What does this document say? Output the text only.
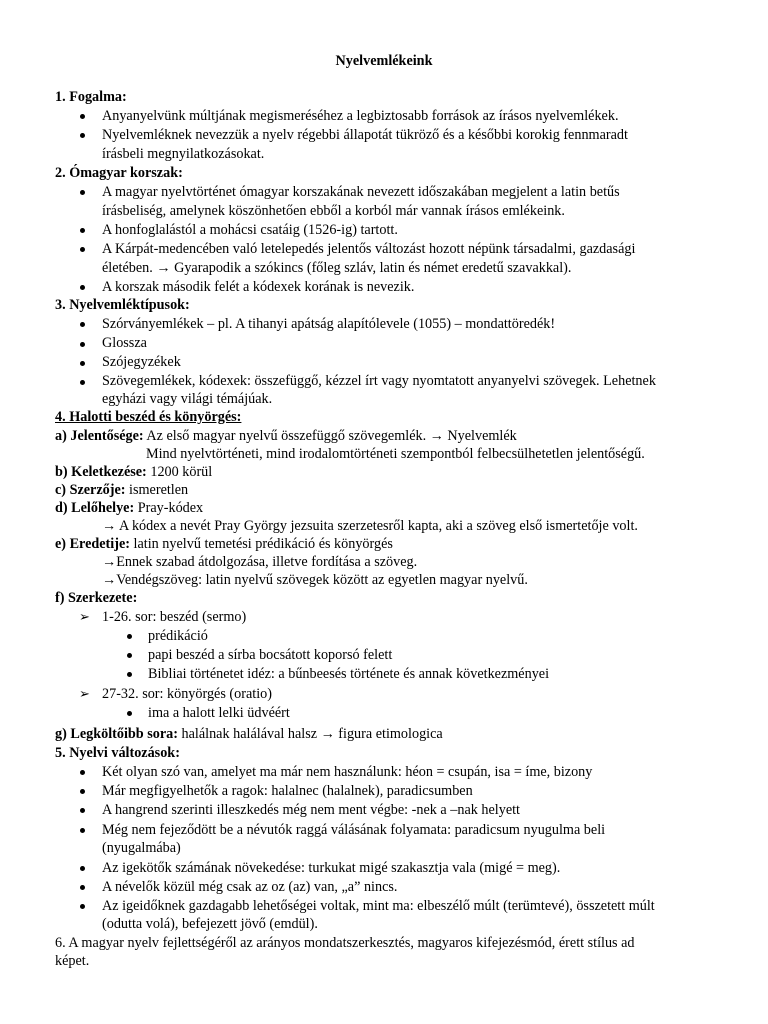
Nyelvemlékeink
1. Fogalma:
Anyanyelvünk múltjának megismeréséhez a legbiztosabb források az írásos nyelvemlékek.
Nyelvemléknek nevezzük a nyelv régebbi állapotát tükröző és a későbbi korokig fennmaradt
írásbeli megnyilatkozásokat.
2. Ómagyar korszak:
A magyar nyelvtörténet ómagyar korszakának nevezett időszakában megjelent a latin betűs
írásbeliség, amelynek köszönhetően ebből a korból már vannak írásos emlékeink.
A honfoglalástól a mohácsi csatáig (1526-ig) tartott.
A Kárpát-medencében való letelepedés jelentős változást hozott népünk társadalmi, gazdasági
életében. → Gyarapodik a szókincs (főleg szláv, latin és német eredetű szavakkal).
A korszak második felét a kódexek korának is nevezik.
3. Nyelvemléktípusok:
Szórványemlékek – pl. A tihanyi apátság alapítólevele (1055) – mondattöredék!
Glossza
Szójegyzékek
Szövegemlékek, kódexek: összefüggő, kézzel írt vagy nyomtatott anyanyelvi szövegek. Lehetnek
egyházi vagy világi témájúak.
4. Halotti beszéd és könyörgés:
a) Jelentősége: Az első magyar nyelvű összefüggő szövegemlék. → Nyelvemlék
Mind nyelvtörténeti, mind irodalomtörténeti szempontból felbecsülhetetlen jelentőségű.
b) Keletkezése: 1200 körül
c) Szerzője: ismeretlen
d) Lelőhelye: Pray-kódex
→ A kódex a nevét Pray György jezsuita szerzetesről kapta, aki a szöveg első ismertetője volt.
e) Eredetije: latin nyelvű temetési prédikáció és könyörgés
→Ennek szabad átdolgozása, illetve fordítása a szöveg.
→Vendégszöveg: latin nyelvű szövegek között az egyetlen magyar nyelvű.
f) Szerkezete:
➢ 1-26. sor: beszéd (sermo)
prédikáció
papi beszéd a sírba bocsátott koporsó felett
Bibliai történetet idéz: a bűnbeesés története és annak következményei
➢ 27-32. sor: könyörgés (oratio)
ima a halott lelki üdvéért
g) Legköltőibb sora: halálnak halálával halsz → figura etimologica
5. Nyelvi változások:
Két olyan szó van, amelyet ma már nem használunk: héon = csupán, isa = íme, bizony
Már megfigyelhetők a ragok: halalnec (halalnek), paradicsumben
A hangrend szerinti illeszkedés még nem ment végbe: -nek a –nak helyett
Még nem fejeződött be a névutók raggá válásának folyamata: paradicsum nyugulma beli
(nyugalmába)
Az igekötők számának növekedése: turkukat migé szakasztja vala (migé = meg).
A névelők közül még csak az oz (az) van, „a” nincs.
Az igeidőknek gazdagabb lehetőségei voltak, mint ma: elbeszélő múlt (terümtevé), összetett múlt
(odutta volá), befejezett jövő (emdül).
6. A magyar nyelv fejlettségéről az arányos mondatszerkesztés, magyaros kifejezésmód, érett stílus ad
képet.
